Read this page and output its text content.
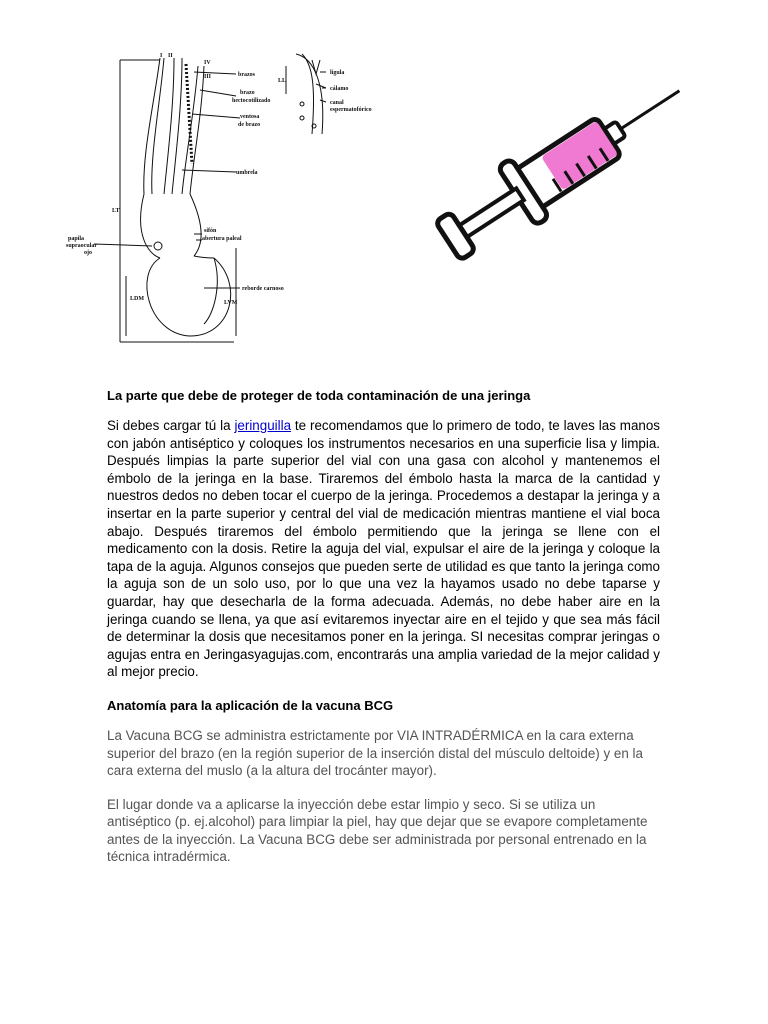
I II
IV
III	brazos
brazo
hectocotilizado
ventosa
de brazo
umbrela
LT
sifón
abertura paleal
papila
supraocular
ojo
reborde carnoso
LDM
LVM
LL
lígula
cálamo
canal
espermatofórico
La parte que debe de proteger de toda contaminación de una jeringa

Si debes cargar tú la jeringuilla te recomendamos que lo primero de todo, te laves las manos con jabón antiséptico y coloques los instrumentos necesarios en una superficie lisa y limpia. Después limpias la parte superior del vial con una gasa con alcohol y mantenemos el émbolo de la jeringa en la base. Tiraremos del émbolo hasta la marca de la cantidad y nuestros dedos no deben tocar el cuerpo de la jeringa. Procedemos a destapar la jeringa y a insertar en la parte superior y central del vial de medicación mientras mantiene el vial boca abajo. Después tiraremos del émbolo permitiendo que la jeringa se llene con el medicamento con la dosis. Retire la aguja del vial, expulsar el aire de la jeringa y coloque la tapa de la aguja. Algunos consejos que pueden serte de utilidad es que tanto la jeringa como la aguja son de un solo uso, por lo que una vez la hayamos usado no debe taparse y guardar, hay que desecharla de la forma adecuada. Además, no debe haber aire en la jeringa cuando se llena, ya que así evitaremos inyectar aire en el tejido y que sea más fácil de determinar la dosis que necesitamos poner en la jeringa. SI necesitas comprar jeringas o agujas entra en Jeringasyagujas.com, encontrarás una amplia variedad de la mejor calidad y al mejor precio.

Anatomía para la aplicación de la vacuna BCG

La Vacuna BCG se administra estrictamente por VIA INTRADÉRMICA en la cara externa superior del brazo (en la región superior de la inserción distal del músculo deltoide) y en la cara externa del muslo (a la altura del trocánter mayor).

El lugar donde va a aplicarse la inyección debe estar limpio y seco. Si se utiliza un antiséptico (p. ej.alcohol) para limpiar la piel, hay que dejar que se evapore completamente antes de la inyección. La Vacuna BCG debe ser administrada por personal entrenado en la técnica intradérmica.
